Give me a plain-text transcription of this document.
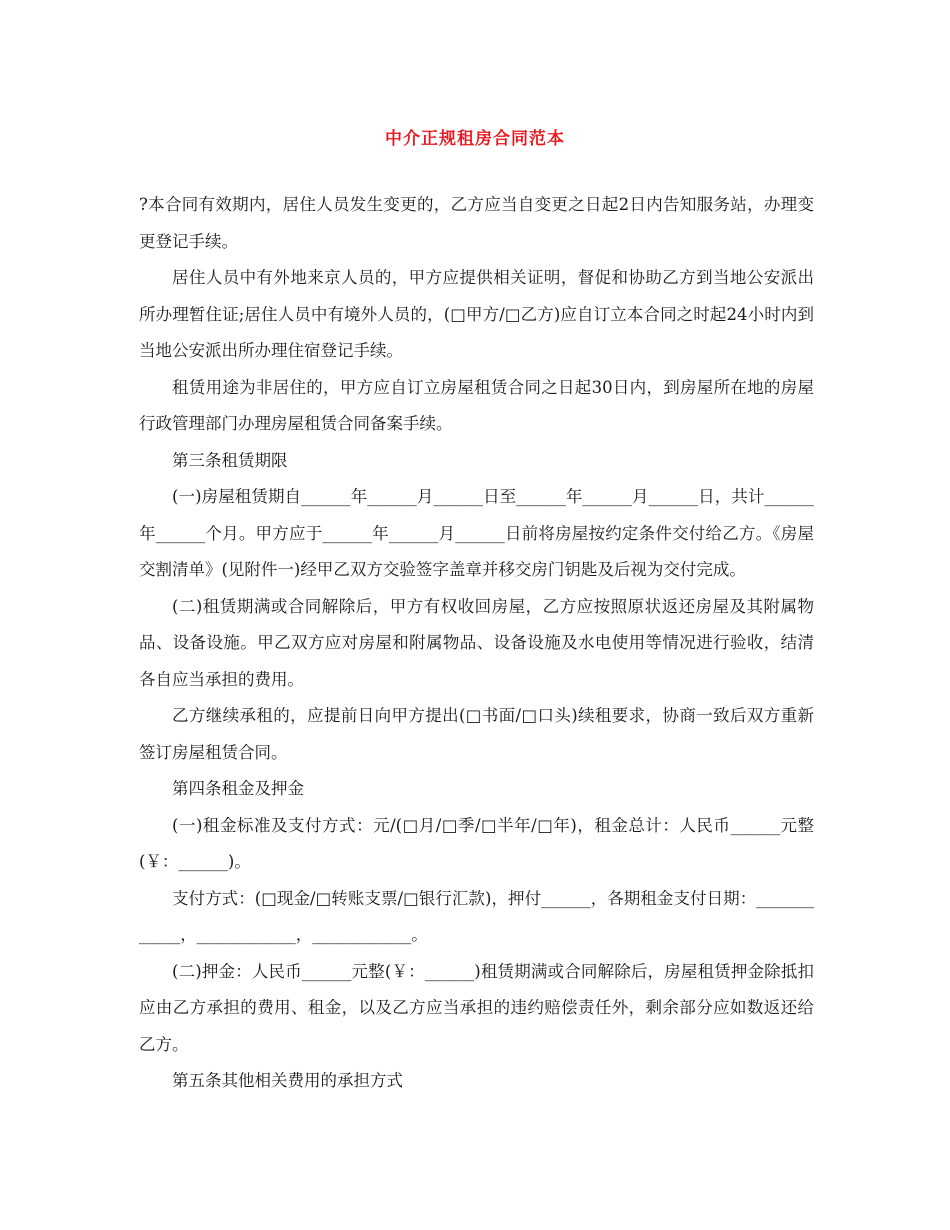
中介正规租房合同范本

?本合同有效期内，居住人员发生变更的，乙方应当自变更之日起2日内告知服务站，办理变更登记手续。

居住人员中有外地来京人员的，甲方应提供相关证明，督促和协助乙方到当地公安派出所办理暂住证;居住人员中有境外人员的，(□甲方/□乙方)应自订立本合同之时起24小时内到当地公安派出所办理住宿登记手续。

租赁用途为非居住的，甲方应自订立房屋租赁合同之日起30日内，到房屋所在地的房屋行政管理部门办理房屋租赁合同备案手续。

第三条租赁期限

(一)房屋租赁期自______年______月______日至______年______月______日，共计______年______个月。甲方应于______年______月______日前将房屋按约定条件交付给乙方。《房屋交割清单》(见附件一)经甲乙双方交验签字盖章并移交房门钥匙及后视为交付完成。

(二)租赁期满或合同解除后，甲方有权收回房屋，乙方应按照原状返还房屋及其附属物品、设备设施。甲乙双方应对房屋和附属物品、设备设施及水电使用等情况进行验收，结清各自应当承担的费用。

乙方继续承租的，应提前日向甲方提出(□书面/□口头)续租要求，协商一致后双方重新签订房屋租赁合同。

第四条租金及押金

(一)租金标准及支付方式：元/(□月/□季/□半年/□年)，租金总计：人民币______元整(￥：______)。

支付方式：(□现金/□转账支票/□银行汇款)，押付______，各期租金支付日期：____________，____________，____________。

(二)押金：人民币______元整(￥：______)租赁期满或合同解除后，房屋租赁押金除抵扣应由乙方承担的费用、租金，以及乙方应当承担的违约赔偿责任外，剩余部分应如数返还给乙方。

第五条其他相关费用的承担方式
